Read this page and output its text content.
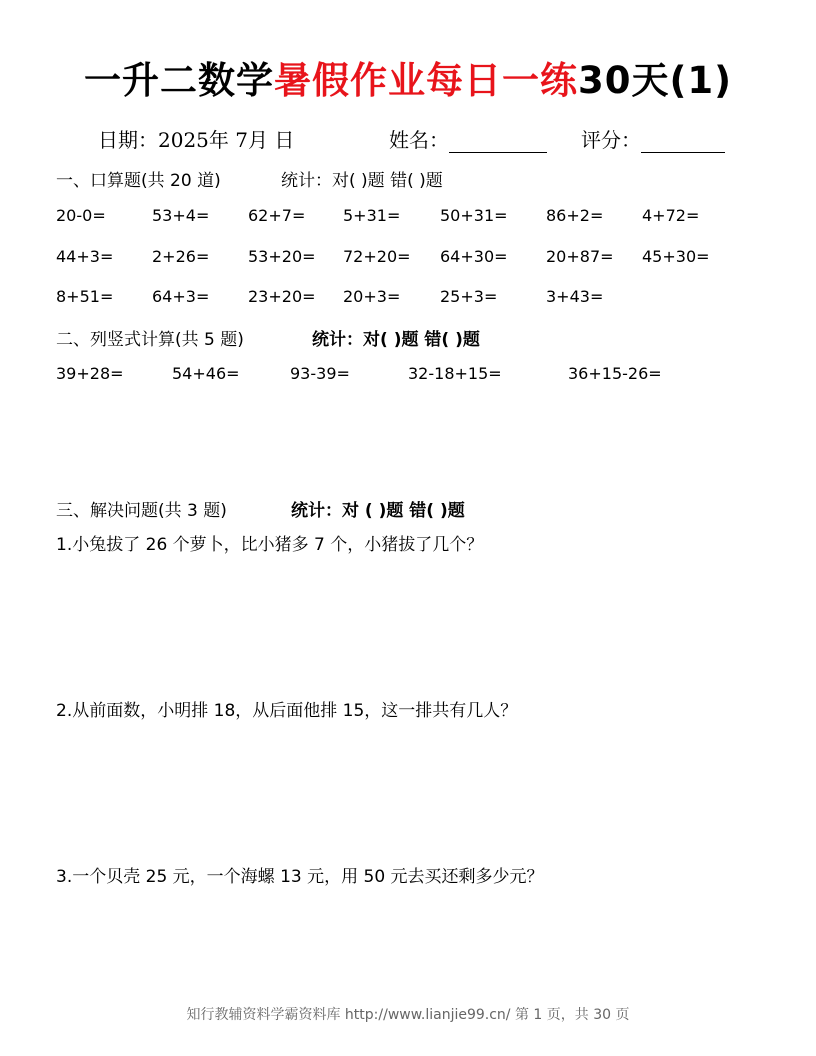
一升二数学暑假作业每日一练30天(1)
日期：2025年 7月 日	姓名：	评分：
一、口算题(共 20 道)	统计：对( )题 错( )题
20-0=	53+4= 62+7= 5+31= 50+31= 86+2= 4+72=
44+3= 2+26= 53+20= 72+20= 64+30= 20+87= 45+30=
8+51= 64+3= 23+20= 20+3= 25+3=	3+43=
二、列竖式计算(共 5 题)	统计：对( )题 错( )题
39+28=	54+46=	93-39=	32-18+15=	36+15-26=
三、解决问题(共 3 题)	统计：对 ( )题 错( )题
1.小兔拔了 26 个萝卜，比小猪多 7 个，小猪拔了几个？
2.从前面数，小明排 18，从后面他排 15，这一排共有几人？
3.一个贝壳 25 元，一个海螺 13 元，用 50 元去买还剩多少元？
知行教辅资料学霸资料库 http://www.lianjie99.cn/ 第 1 页，共 30 页
